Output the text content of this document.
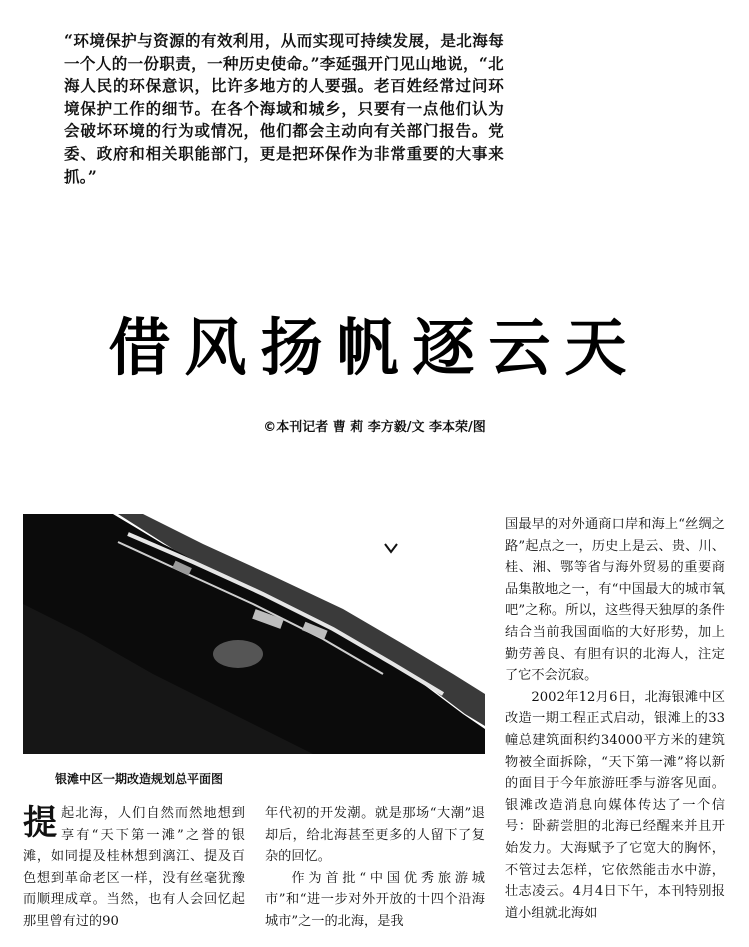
“环境保护与资源的有效利用，从而实现可持续发展，是北海每一个人的一份职责，一种历史使命。”李延强开门见山地说，“北海人民的环保意识，比许多地方的人要强。老百姓经常过问环境保护工作的细节。在各个海域和城乡，只要有一点他们认为会破坏环境的行为或情况，他们都会主动向有关部门报告。党委、政府和相关职能部门，更是把环保作为非常重要的大事来抓。”

借风扬帆逐云天
©本刊记者 曹 莉 李方毅/文 李本荣/图
银滩中区一期改造规划总平面图

提起北海，人们自然而然地想到享有“天下第一滩”之誉的银滩，如同提及桂林想到漓江、提及百色想到革命老区一样，没有丝毫犹豫而顺理成章。当然，也有人会回忆起那里曾有过的90

年代初的开发潮。就是那场“大潮”退却后，给北海甚至更多的人留下了复杂的回忆。

作为首批“中国优秀旅游城市”和“进一步对外开放的十四个沿海城市”之一的北海，是我

国最早的对外通商口岸和海上“丝绸之路”起点之一，历史上是云、贵、川、桂、湘、鄂等省与海外贸易的重要商品集散地之一，有“中国最大的城市氧吧”之称。所以，这些得天独厚的条件结合当前我国面临的大好形势，加上勤劳善良、有胆有识的北海人，注定了它不会沉寂。

2002年12月6日，北海银滩中区改造一期工程正式启动，银滩上的33幢总建筑面积约34000平方米的建筑物被全面拆除，“天下第一滩”将以新的面目于今年旅游旺季与游客见面。银滩改造消息向媒体传达了一个信号：卧薪尝胆的北海已经醒来并且开始发力。大海赋予了它宽大的胸怀，不管过去怎样，它依然能击水中游，壮志凌云。4月4日下午，本刊特别报道小组就北海如
